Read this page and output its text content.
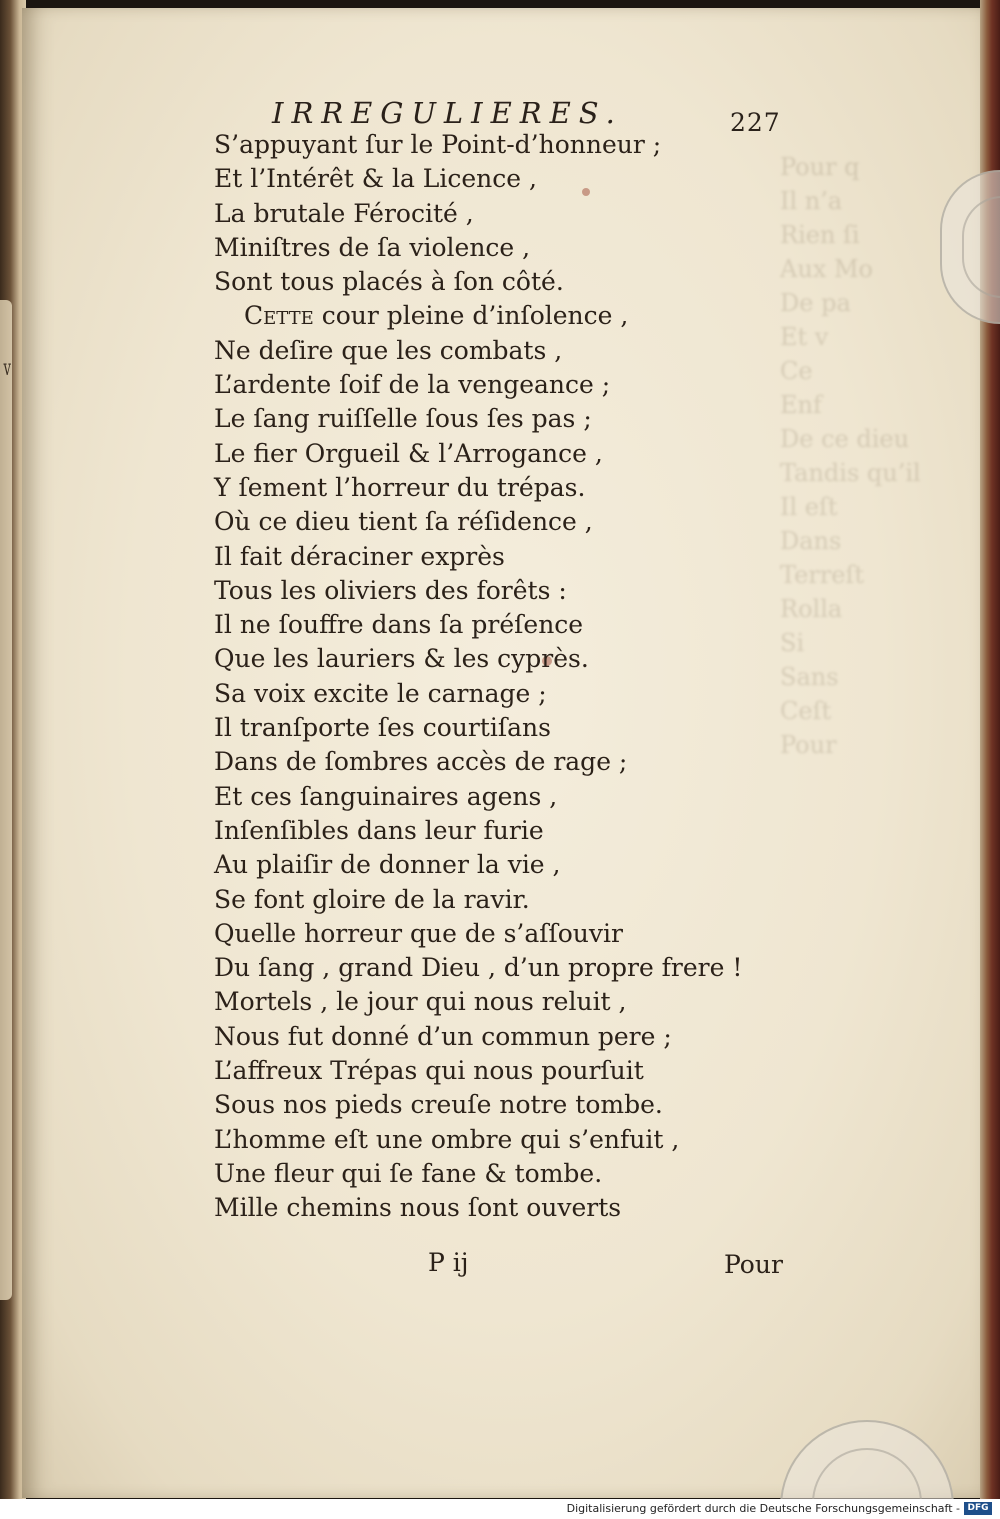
v
Pour q
Il n’a
Rien ſi
Aux Mo
De pa
Et v
Ce
Enf
De ce dieu
Tandis qu’il
Il eſt
Dans
Terreſt
Rolla
Si
Sans
Ceſt
Pour
IRREGULIERES.	227
S’appuyant ſur le Point-d’honneur ;
Et l’Intérêt & la Licence ,
La brutale Férocité ,
Miniſtres de ſa violence ,
Sont tous placés à ſon côté.
Cette cour pleine d’inſolence ,
Ne deſire que les combats ,
L’ardente ſoif de la vengeance ;
Le ſang ruiſſelle ſous ſes pas ;
Le fier Orgueil & l’Arrogance ,
Y ſement l’horreur du trépas.
Où ce dieu tient ſa réſidence ,
Il fait déraciner exprès
Tous les oliviers des forêts :
Il ne ſouffre dans ſa préſence
Que les lauriers & les cyprès.
Sa voix excite le carnage ;
Il tranſporte ſes courtiſans
Dans de ſombres accès de rage ;
Et ces ſanguinaires agens ,
Inſenſibles dans leur furie
Au plaiſir de donner la vie ,
Se font gloire de la ravir.
Quelle horreur que de s’aſſouvir
Du ſang , grand Dieu , d’un propre frere !
Mortels , le jour qui nous reluit ,
Nous fut donné d’un commun pere ;
L’affreux Trépas qui nous pourſuit
Sous nos pieds creuſe notre tombe.
L’homme eſt une ombre qui s’enfuit ,
Une fleur qui ſe fane & tombe.
Mille chemins nous ſont ouverts
P ij	Pour
Digitalisierung gefördert durch die Deutsche Forschungsgemeinschaft - DFG
